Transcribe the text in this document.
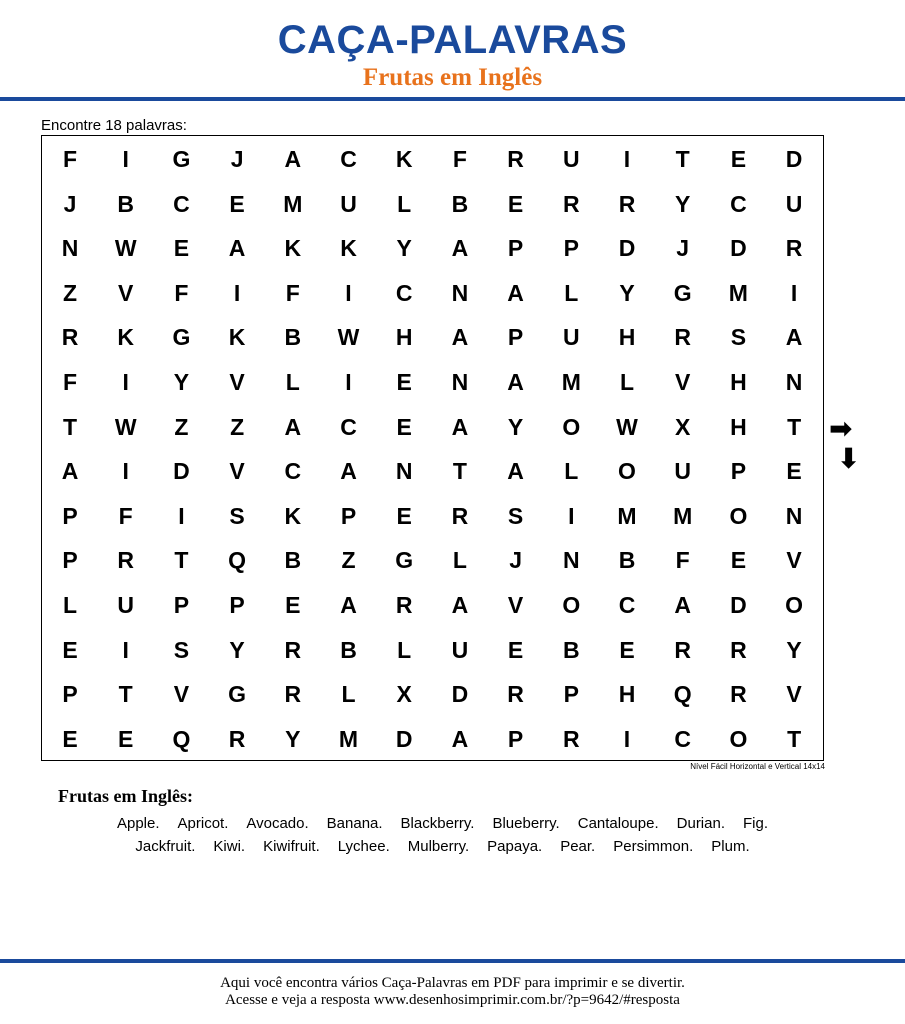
CAÇA-PALAVRAS
Frutas em Inglês
Encontre 18 palavras:
F	I	G	J	A	C	K	F	R	U	I	T	E	D
J	B	C	E	M	U	L	B	E	R	R	Y	C	U
N	W	E	A	K	K	Y	A	P	P	D	J	D	R
Z	V	F	I	F	I	C	N	A	L	Y	G	M	I
R	K	G	K	B	W	H	A	P	U	H	R	S	A
F	I	Y	V	L	I	E	N	A	M	L	V	H	N
T	W	Z	Z	A	C	E	A	Y	O	W	X	H	T
A	I	D	V	C	A	N	T	A	L	O	U	P	E
P	F	I	S	K	P	E	R	S	I	M	M	O	N
P	R	T	Q	B	Z	G	L	J	N	B	F	E	V
L	U	P	P	E	A	R	A	V	O	C	A	D	O
E	I	S	Y	R	B	L	U	E	B	E	R	R	Y
P	T	V	G	R	L	X	D	R	P	H	Q	R	V
E	E	Q	R	Y	M	D	A	P	R	I	C	O	T
Nível Fácil Horizontal e Vertical 14x14
➡
⬇
Frutas em Inglês:
Apple. Apricot. Avocado. Banana. Blackberry. Blueberry. Cantaloupe. Durian. Fig.
Jackfruit. Kiwi. Kiwifruit. Lychee. Mulberry. Papaya. Pear. Persimmon. Plum.
Aqui você encontra vários Caça-Palavras em PDF para imprimir e se divertir.
Acesse e veja a resposta www.desenhosimprimir.com.br/?p=9642/#resposta
